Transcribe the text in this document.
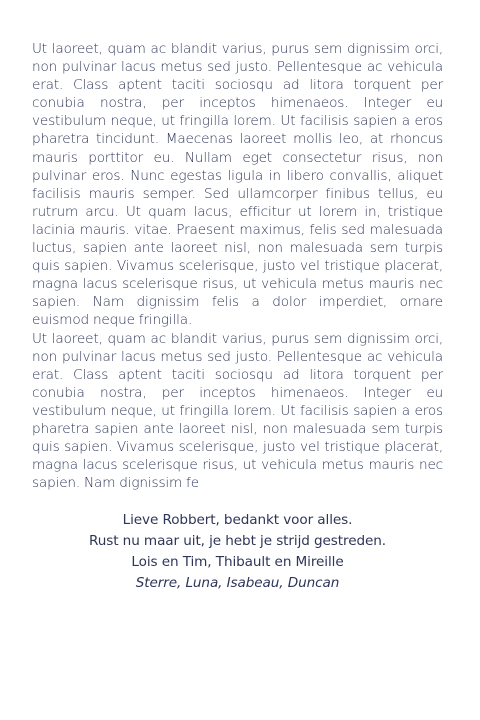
Ut laoreet, quam ac blandit varius, purus sem dignissim orci, non pulvinar lacus metus sed justo. Pellentesque ac vehicula erat. Class aptent taciti sociosqu ad litora torquent per conubia nostra, per inceptos himenaeos. Integer eu vestibulum neque, ut fringilla lorem. Ut facilisis sapien a eros pharetra tincidunt. Maecenas laoreet mollis leo, at rhoncus mauris porttitor eu. Nullam eget consectetur risus, non pulvinar eros. Nunc egestas ligula in libero convallis, aliquet facilisis mauris semper. Sed ullamcorper finibus tellus, eu rutrum arcu. Ut quam lacus, efficitur ut lorem in, tristique lacinia mauris. vitae. Praesent maximus, felis sed malesuada luctus, sapien ante laoreet nisl, non malesuada sem turpis quis sapien. Vivamus scelerisque, justo vel tristique placerat, magna lacus scelerisque risus, ut vehicula metus mauris nec sapien. Nam dignissim felis a dolor imperdiet, ornare euismod neque fringilla.

Ut laoreet, quam ac blandit varius, purus sem dignissim orci, non pulvinar lacus metus sed justo. Pellentesque ac vehicula erat. Class aptent taciti sociosqu ad litora torquent per conubia nostra, per inceptos himenaeos. Integer eu vestibulum neque, ut fringilla lorem. Ut facilisis sapien a eros pharetra sapien ante laoreet nisl, non malesuada sem turpis quis sapien. Vivamus scelerisque, justo vel tristique placerat, magna lacus scelerisque risus, ut vehicula metus mauris nec sapien. Nam dignissim fe

Lieve Robbert, bedankt voor alles.
Rust nu maar uit, je hebt je strijd gestreden.
Lois en Tim, Thibault en Mireille
Sterre, Luna, Isabeau, Duncan
